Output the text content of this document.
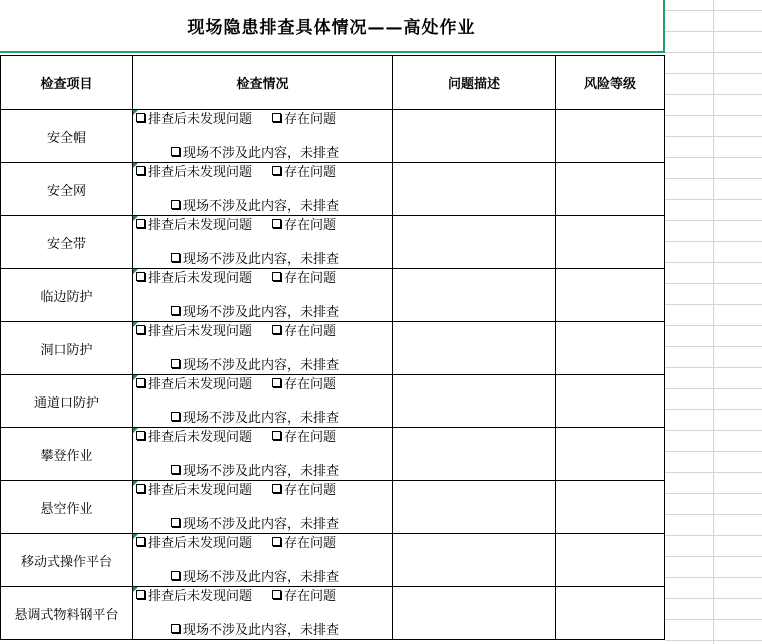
现场隐患排查具体情况——高处作业
检查项目	检查情况	问题描述	风险等级
安全帽	排查后未发现问题 存在问题
现场不涉及此内容，未排查		

安全网	排查后未发现问题 存在问题
现场不涉及此内容，未排查		

安全带	排查后未发现问题 存在问题
现场不涉及此内容，未排查		

临边防护	排查后未发现问题 存在问题
现场不涉及此内容，未排查		

洞口防护	排查后未发现问题 存在问题
现场不涉及此内容，未排查		

通道口防护	排查后未发现问题 存在问题
现场不涉及此内容，未排查		

攀登作业	排查后未发现问题 存在问题
现场不涉及此内容，未排查		

悬空作业	排查后未发现问题 存在问题
现场不涉及此内容，未排查		

移动式操作平台	排查后未发现问题 存在问题
现场不涉及此内容，未排查		

悬调式物料钢平台	排查后未发现问题 存在问题
现场不涉及此内容，未排查		
